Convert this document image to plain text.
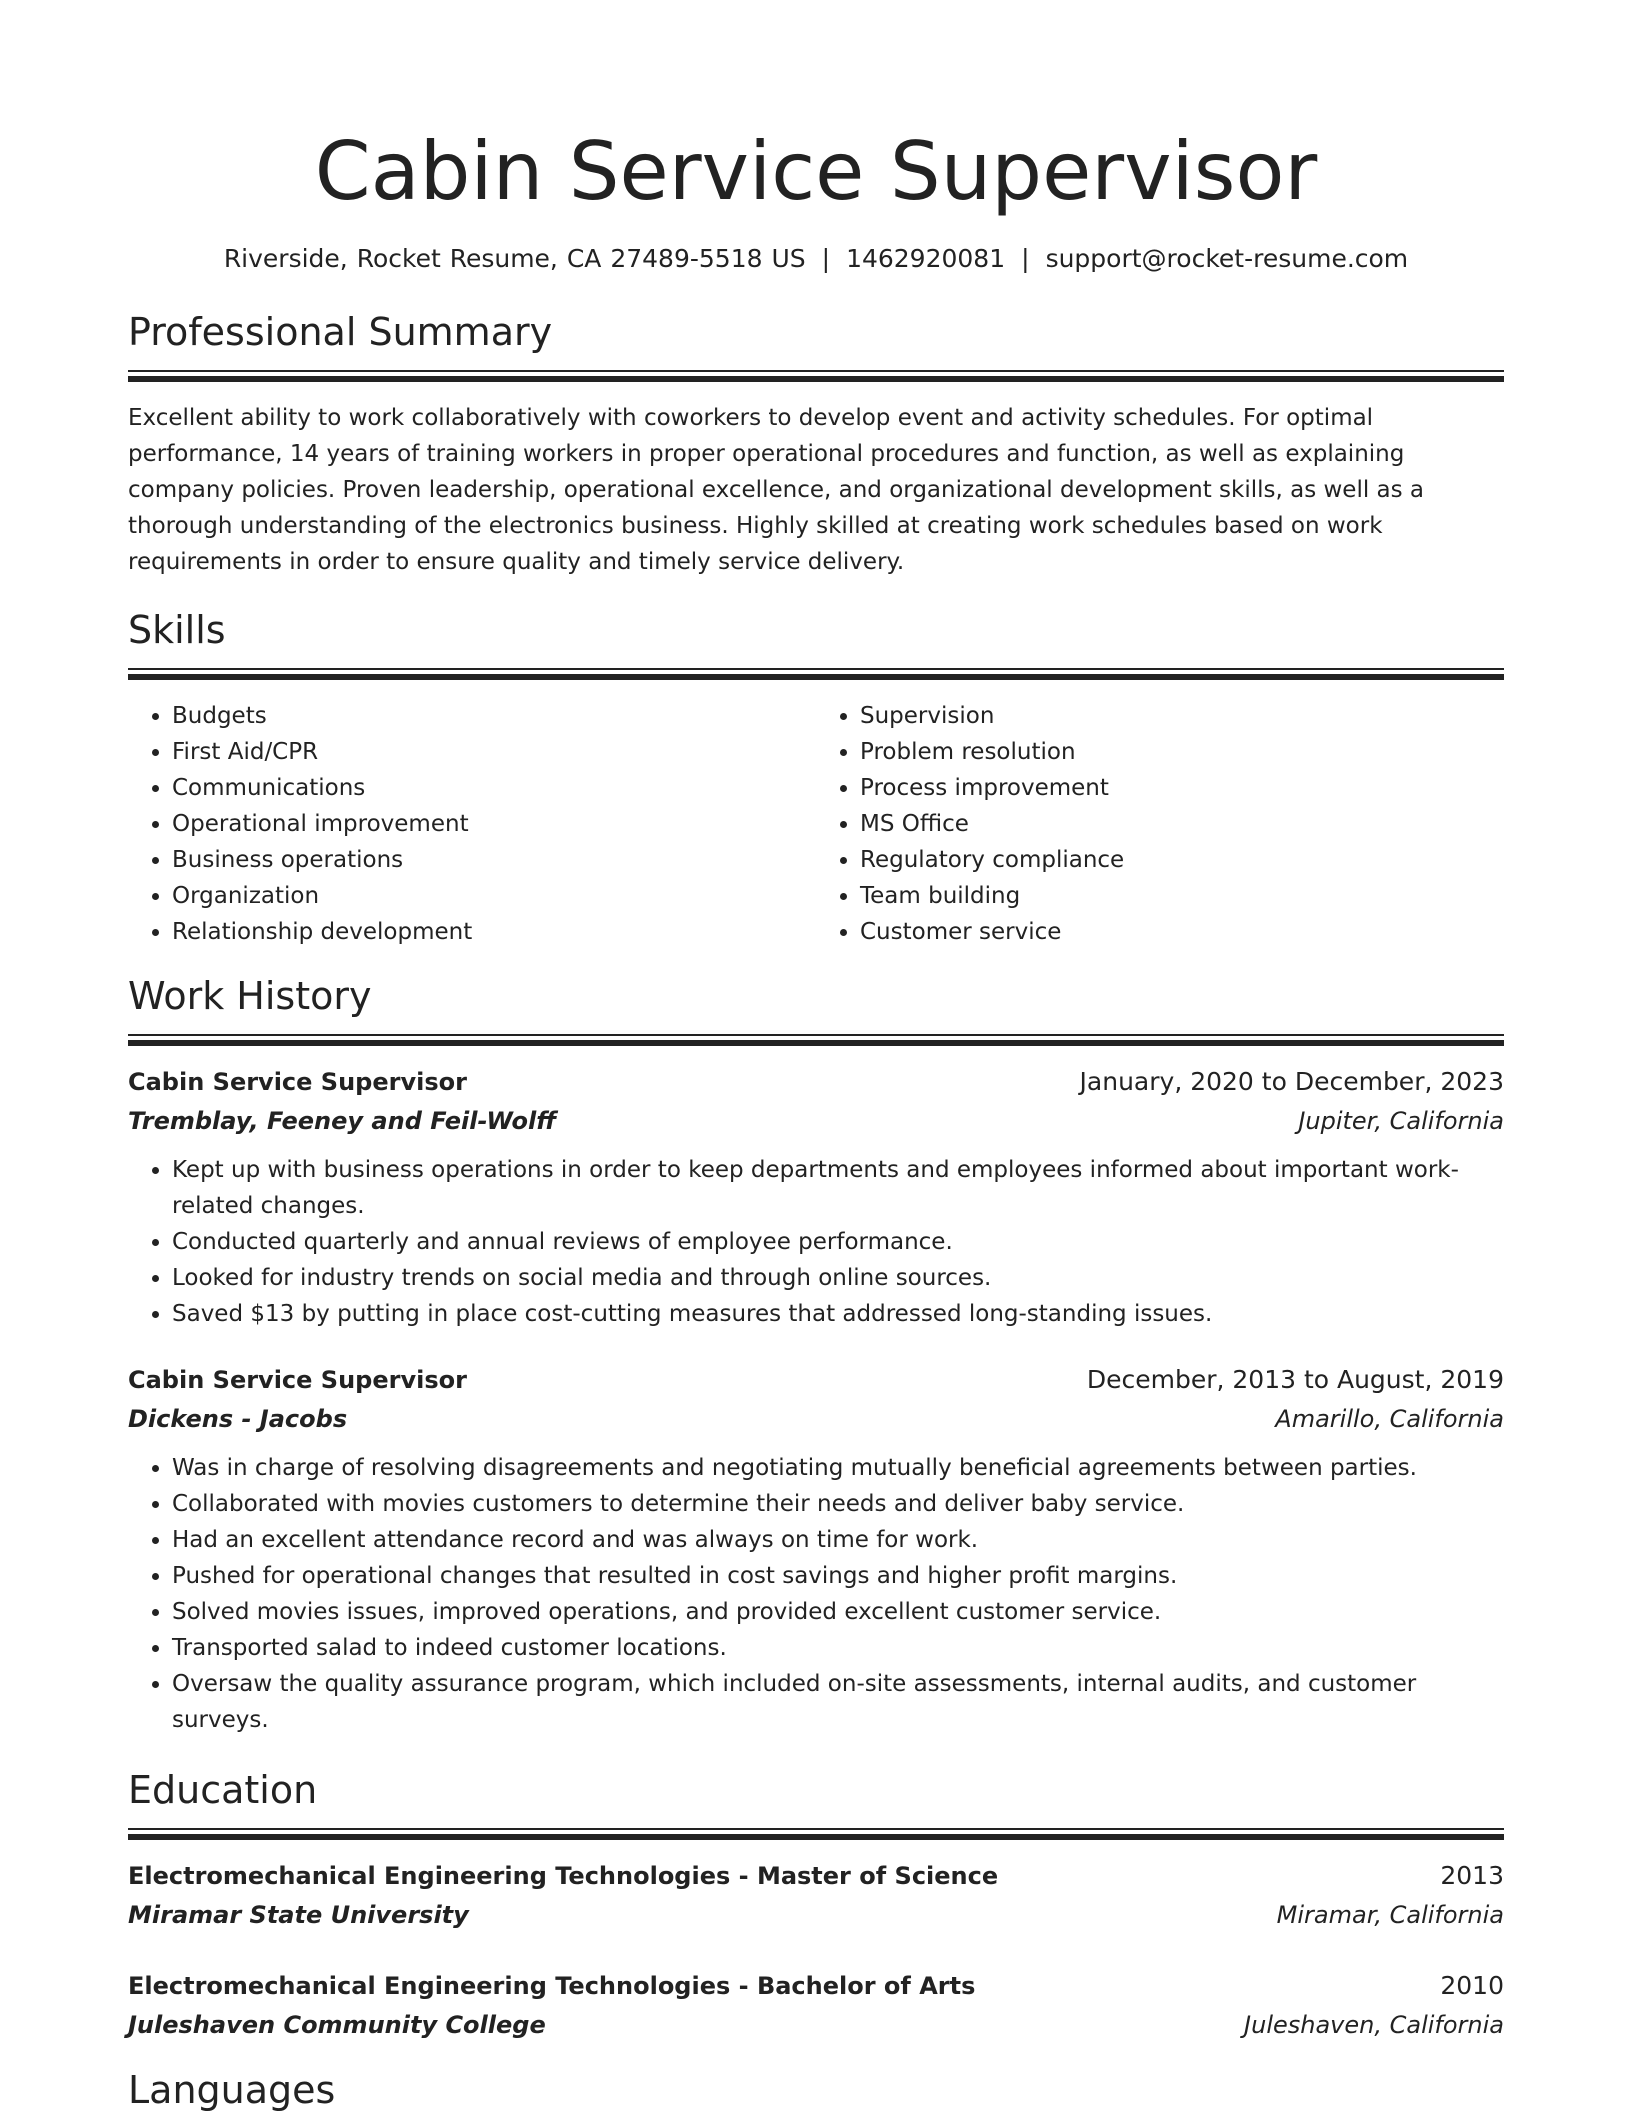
Cabin Service Supervisor
Riverside, Rocket Resume, CA 27489-5518 US | 1462920081 | support@rocket-resume.com
Professional Summary

Excellent ability to work collaboratively with coworkers to develop event and activity schedules. For optimal performance, 14 years of training workers in proper operational procedures and function, as well as explaining company policies. Proven leadership, operational excellence, and organizational development skills, as well as a thorough understanding of the electronics business. Highly skilled at creating work schedules based on work requirements in order to ensure quality and timely service delivery.

Skills
• Budgets
• First Aid/CPR
• Communications
• Operational improvement
• Business operations
• Organization
• Relationship development
• Supervision
• Problem resolution
• Process improvement
• MS Office
• Regulatory compliance
• Team building
• Customer service
Work History
Cabin Service Supervisor	January, 2020 to December, 2023
Tremblay, Feeney and Feil-Wolff	Jupiter, California
• Kept up with business operations in order to keep departments and employees informed about important work-related changes.
• Conducted quarterly and annual reviews of employee performance.
• Looked for industry trends on social media and through online sources.
• Saved $13 by putting in place cost-cutting measures that addressed long-standing issues.
Cabin Service Supervisor	December, 2013 to August, 2019
Dickens - Jacobs	Amarillo, California
• Was in charge of resolving disagreements and negotiating mutually beneficial agreements between parties.
• Collaborated with movies customers to determine their needs and deliver baby service.
• Had an excellent attendance record and was always on time for work.
• Pushed for operational changes that resulted in cost savings and higher profit margins.
• Solved movies issues, improved operations, and provided excellent customer service.
• Transported salad to indeed customer locations.
• Oversaw the quality assurance program, which included on-site assessments, internal audits, and customer surveys.
Education
Electromechanical Engineering Technologies - Master of Science	2013
Miramar State University	Miramar, California
Electromechanical Engineering Technologies - Bachelor of Arts	2010
Juleshaven Community College	Juleshaven, California
Languages
